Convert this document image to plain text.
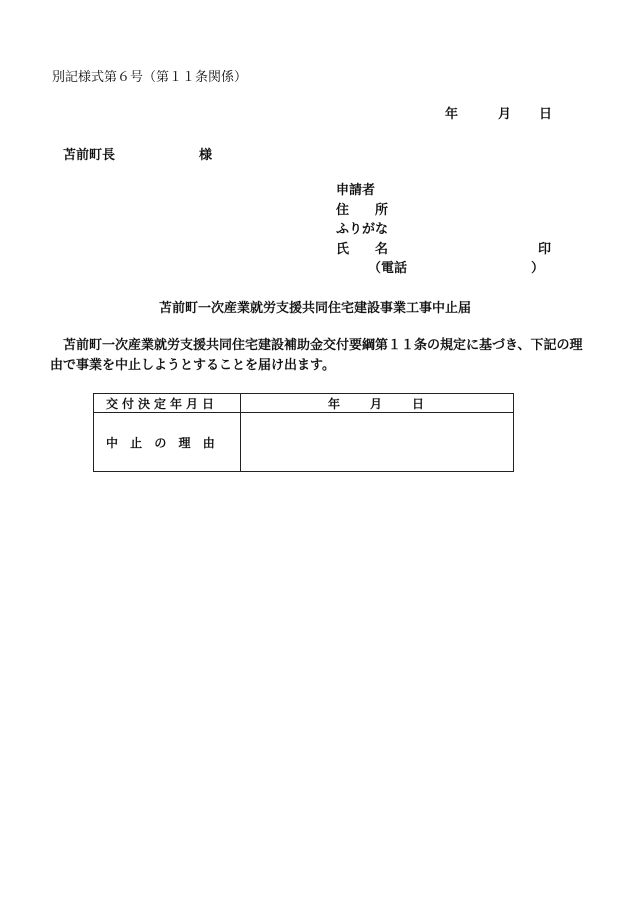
別記様式第６号（第１１条関係）
年	月 日
苫前町長	様
申請者
住　　所
ふりがな
氏　　名	印
（電話	）
苫前町一次産業就労支援共同住宅建設事業工事中止届
苫前町一次産業就労支援共同住宅建設補助金交付要綱第１１条の規定に基づき、下記の理由で事業を中止しようとすることを届け出ます。
交付決定年月日	年　　月　　日
中 止 の 理 由	
